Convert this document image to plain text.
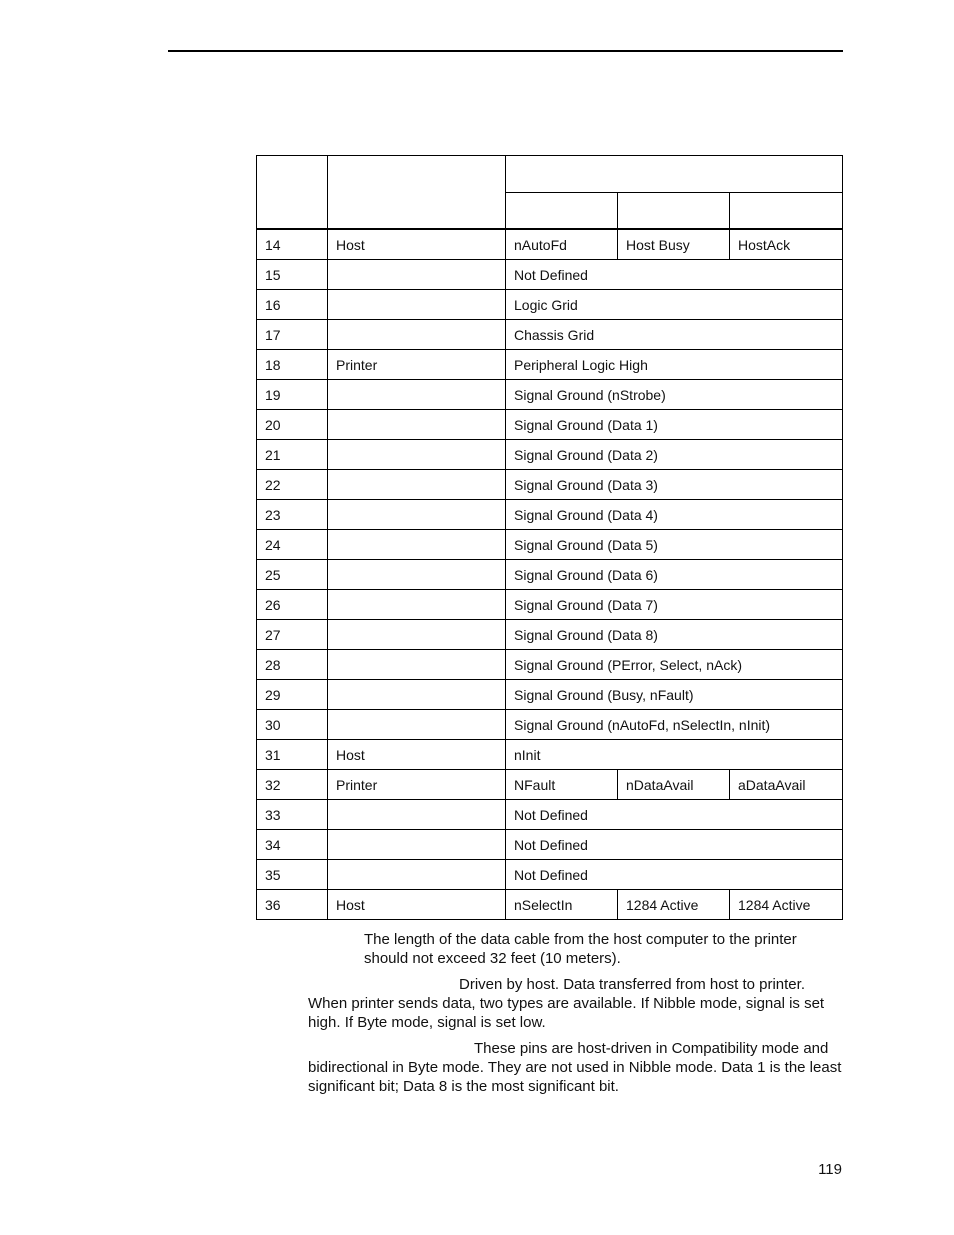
14	Host	nAutoFd	Host Busy	HostAck
15		Not Defined		
16		Logic Grid		
17		Chassis Grid		
18	Printer	Peripheral Logic High		
19		Signal Ground (nStrobe)		
20		Signal Ground (Data 1)		
21		Signal Ground (Data 2)		
22		Signal Ground (Data 3)		
23		Signal Ground (Data 4)		
24		Signal Ground (Data 5)		
25		Signal Ground (Data 6)		
26		Signal Ground (Data 7)		
27		Signal Ground (Data 8)		
28		Signal Ground (PError, Select, nAck)		
29		Signal Ground (Busy, nFault)		
30		Signal Ground (nAutoFd, nSelectIn, nInit)		
31	Host	nInit		
32	Printer	NFault	nDataAvail	aDataAvail
33		Not Defined		
34		Not Defined		
35		Not Defined		
36	Host	nSelectIn	1284 Active	1284 Active

The length of the data cable from the host computer to the printer should not exceed 32 feet (10 meters).

Driven by host. Data transferred from host to printer. When printer sends data, two types are available. If Nibble mode, signal is set high. If Byte mode, signal is set low.

These pins are host-driven in Compatibility mode and bidirectional in Byte mode. They are not used in Nibble mode. Data 1 is the least significant bit; Data 8 is the most significant bit.

119
